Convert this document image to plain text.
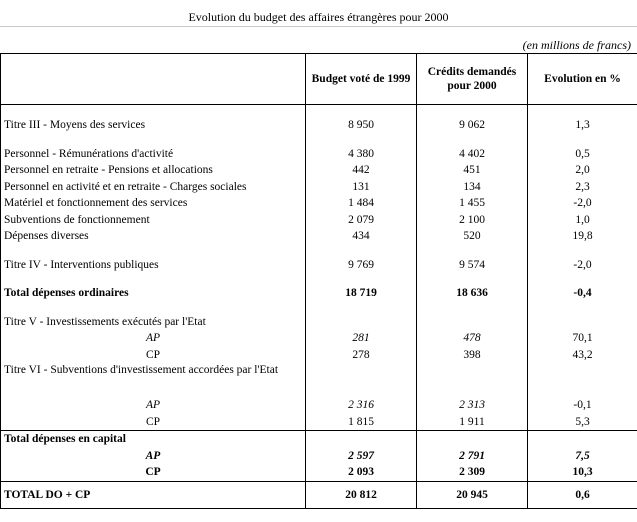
Evolution du budget des affaires étrangères pour 2000
(en millions de francs)
	Budget voté de 1999	Crédits demandés pour 2000	Evolution en %

Titre III - Moyens des services	8 950	9 062	1,3

Personnel - Rémunérations d'activité	4 380	4 402	0,5
Personnel en retraite - Pensions et allocations	442	451	2,0
Personnel en activité et en retraite - Charges sociales	131	134	2,3
Matériel et fonctionnement des services	1 484	1 455	-2,0
Subventions de fonctionnement	2 079	2 100	1,0
Dépenses diverses	434	520	19,8

Titre IV - Interventions publiques	9 769	9 574	-2,0

Total dépenses ordinaires	18 719	18 636	-0,4

Titre V - Investissements exécutés par l'Etat			
AP	281	478	70,1
CP	278	398	43,2
Titre VI - Subventions d'investissement accordées par l'Etat			
AP	2 316	2 313	-0,1
CP	1 815	1 911	5,3
Total dépenses en capital			
AP	2 597	2 791	7,5
CP	2 093	2 309	10,3
TOTAL DO + CP	20 812	20 945	0,6
